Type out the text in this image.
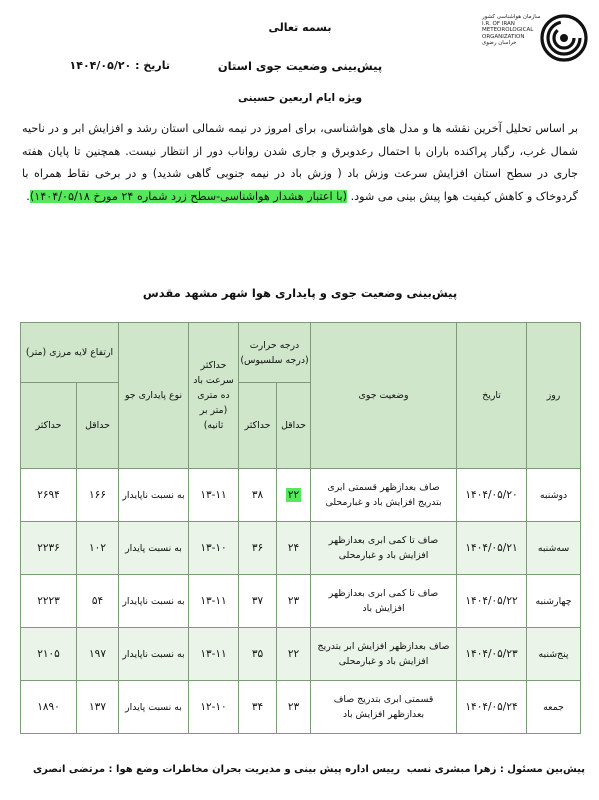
سازمان هواشناسی کشور I.R. OF IRAN METEOROLOGICAL ORGANIZATION خراسان رضوی
بسمه تعالی
پیش‌بینی وضعیت جوی استان
تاریخ : ۱۴۰۴/۰۵/۲۰
ویژه ایام اربعین حسینی
بر اساس تحلیل آخرین نقشه ها و مدل های هواشناسی، برای امروز در نیمه شمالی استان رشد و افزایش ابر و در ناحیه شمال غرب، رگبار پراکنده باران با احتمال رعدوبرق و جاری شدن رواناب دور از انتظار نیست. همچنین تا پایان هفته جاری در سطح استان افزایش سرعت وزش باد ( وزش باد در نیمه جنوبی گاهی شدید) و در برخی نقاط همراه با گردوخاک و کاهش کیفیت هوا پیش بینی می شود. (با اعتبار هشدار هواشناسی-سطح زرد شماره ۲۴ مورخ ۱۴۰۴/۰۵/۱۸).
پیش‌بینی وضعیت جوی و پایداری هوا شهر مشهد مقدس
روز	تاریخ	وضعیت جوی	درجه حرارت (درجه سلسیوس)		حداکثر سرعت باد ده متری (متر بر ثانیه)	نوع پایداری جو	ارتفاع لایه مرزی (متر)	
			حداقل	حداکثر			حداقل	حداکثر
دوشنبه	۱۴۰۴/۰۵/۲۰	صاف بعدازظهر قسمتی ابری بتدریج افزایش باد و غبارمحلی	۲۲	۳۸	۱۳-۱۱	به نسبت ناپایدار	۱۶۶	۲۶۹۴
سه‌شنبه	۱۴۰۴/۰۵/۲۱	صاف تا کمی ابری بعدازظهر افزایش باد و غبارمحلی	۲۴	۳۶	۱۳-۱۰	به نسبت پایدار	۱۰۲	۲۲۳۶
چهارشنبه	۱۴۰۴/۰۵/۲۲	صاف تا کمی ابری بعدازظهر افزایش باد	۲۳	۳۷	۱۳-۱۱	به نسبت ناپایدار	۵۴	۲۲۲۳
پنج‌شنبه	۱۴۰۴/۰۵/۲۳	صاف بعدازظهر افزایش ابر بتدریج افزایش باد و غبارمحلی	۲۲	۳۵	۱۳-۱۱	به نسبت ناپایدار	۱۹۷	۲۱۰۵
جمعه	۱۴۰۴/۰۵/۲۴	قسمتی ابری بتدریج صاف بعدازظهر افزایش باد	۲۳	۳۴	۱۲-۱۰	به نسبت پایدار	۱۳۷	۱۸۹۰
پیش‌بین مسئول : زهرا مبشری نسب
رییس اداره پیش بینی و مدیریت بحران مخاطرات وضع هوا : مرتضی انصری
